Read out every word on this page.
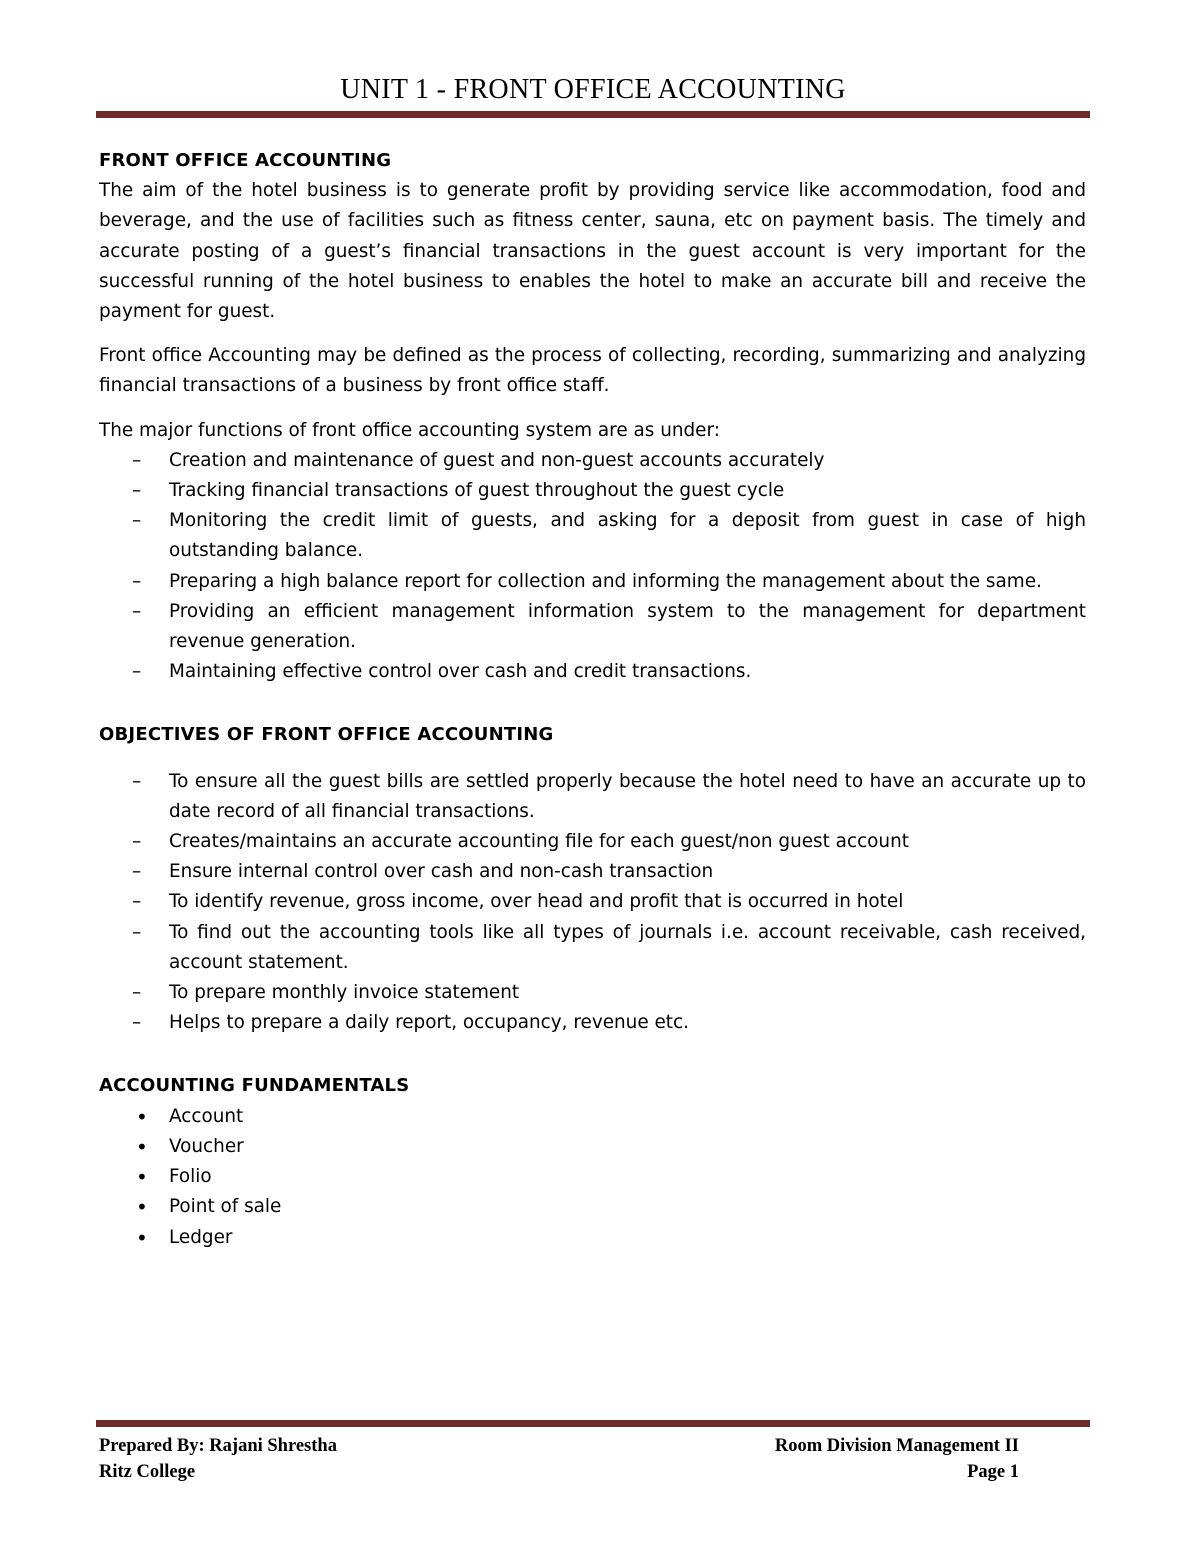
UNIT 1 - FRONT OFFICE ACCOUNTING

FRONT OFFICE ACCOUNTING

The aim of the hotel business is to generate profit by providing service like accommodation, food and beverage, and the use of facilities such as fitness center, sauna, etc on payment basis. The timely and accurate posting of a guest’s financial transactions in the guest account is very important for the successful running of the hotel business to enables the hotel to make an accurate bill and receive the payment for guest.

Front office Accounting may be defined as the process of collecting, recording, summarizing and analyzing financial transactions of a business by front office staff.

The major functions of front office accounting system are as under:

– Creation and maintenance of guest and non-guest accounts accurately
– Tracking financial transactions of guest throughout the guest cycle
– Monitoring the credit limit of guests, and asking for a deposit from guest in case of high outstanding balance.
– Preparing a high balance report for collection and informing the management about the same.
– Providing an efficient management information system to the management for department revenue generation.
– Maintaining effective control over cash and credit transactions.

OBJECTIVES OF FRONT OFFICE ACCOUNTING

– To ensure all the guest bills are settled properly because the hotel need to have an accurate up to date record of all financial transactions.
– Creates/maintains an accurate accounting file for each guest/non guest account
– Ensure internal control over cash and non-cash transaction
– To identify revenue, gross income, over head and profit that is occurred in hotel
– To find out the accounting tools like all types of journals i.e. account receivable, cash received, account statement.
– To prepare monthly invoice statement
– Helps to prepare a daily report, occupancy, revenue etc.

ACCOUNTING FUNDAMENTALS

• Account
• Voucher
• Folio
• Point of sale
• Ledger
Prepared By: Rajani Shrestha	Room Division Management II
Ritz College	Page 1
